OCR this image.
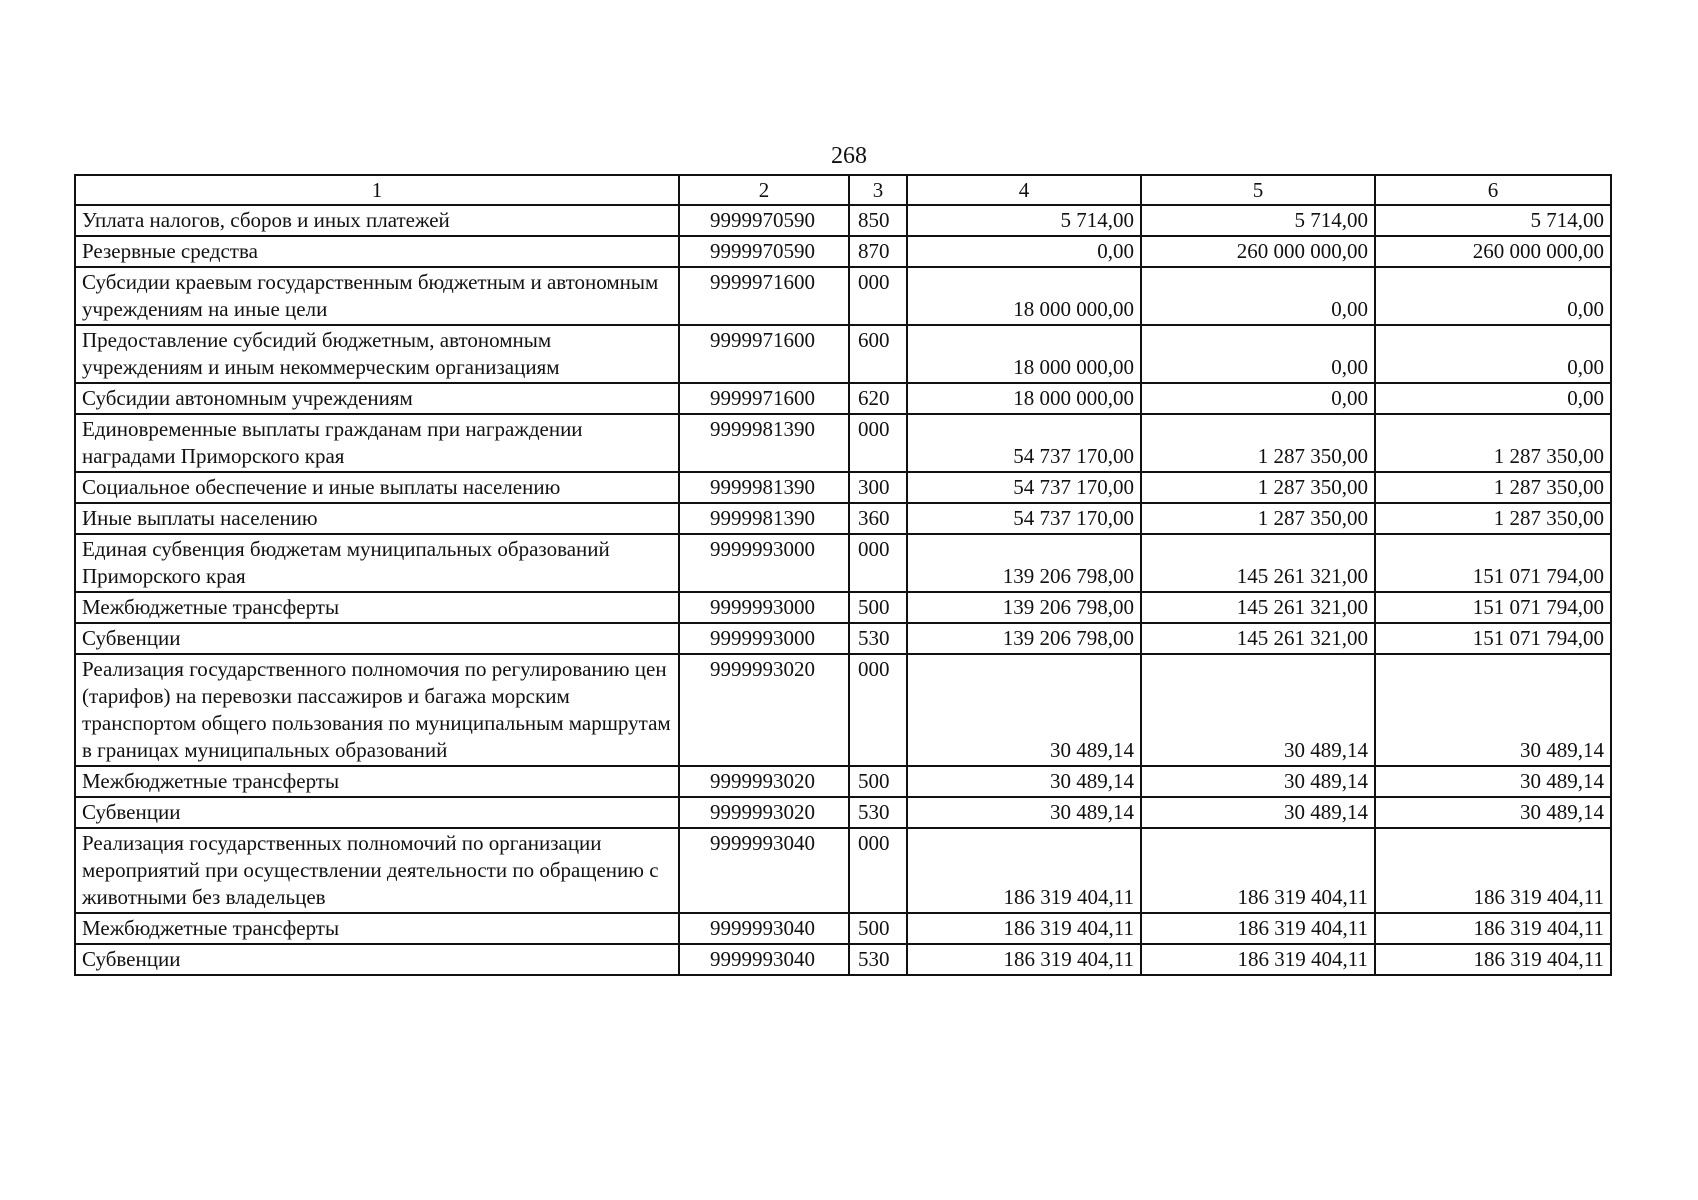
268
1	2	3	4	5	6
Уплата налогов, сборов и иных платежей	9999970590	850	5 714,00	5 714,00	5 714,00
Резервные средства	9999970590	870	0,00	260 000 000,00	260 000 000,00
Субсидии краевым государственным бюджетным и автономным учреждениям на иные цели	9999971600	000	18 000 000,00	0,00	0,00
Предоставление субсидий бюджетным, автономным учреждениям и иным некоммерческим организациям	9999971600	600	18 000 000,00	0,00	0,00
Субсидии автономным учреждениям	9999971600	620	18 000 000,00	0,00	0,00
Единовременные выплаты гражданам при награждении наградами Приморского края	9999981390	000	54 737 170,00	1 287 350,00	1 287 350,00
Социальное обеспечение и иные выплаты населению	9999981390	300	54 737 170,00	1 287 350,00	1 287 350,00
Иные выплаты населению	9999981390	360	54 737 170,00	1 287 350,00	1 287 350,00
Единая субвенция бюджетам муниципальных образований Приморского края	9999993000	000	139 206 798,00	145 261 321,00	151 071 794,00
Межбюджетные трансферты	9999993000	500	139 206 798,00	145 261 321,00	151 071 794,00
Субвенции	9999993000	530	139 206 798,00	145 261 321,00	151 071 794,00
Реализация государственного полномочия по регулированию цен (тарифов) на перевозки пассажиров и багажа морским транспортом общего пользования по муниципальным маршрутам в границах муниципальных образований	9999993020	000	30 489,14	30 489,14	30 489,14
Межбюджетные трансферты	9999993020	500	30 489,14	30 489,14	30 489,14
Субвенции	9999993020	530	30 489,14	30 489,14	30 489,14
Реализация государственных полномочий по организации мероприятий при осуществлении деятельности по обращению с животными без владельцев	9999993040	000	186 319 404,11	186 319 404,11	186 319 404,11
Межбюджетные трансферты	9999993040	500	186 319 404,11	186 319 404,11	186 319 404,11
Субвенции	9999993040	530	186 319 404,11	186 319 404,11	186 319 404,11
